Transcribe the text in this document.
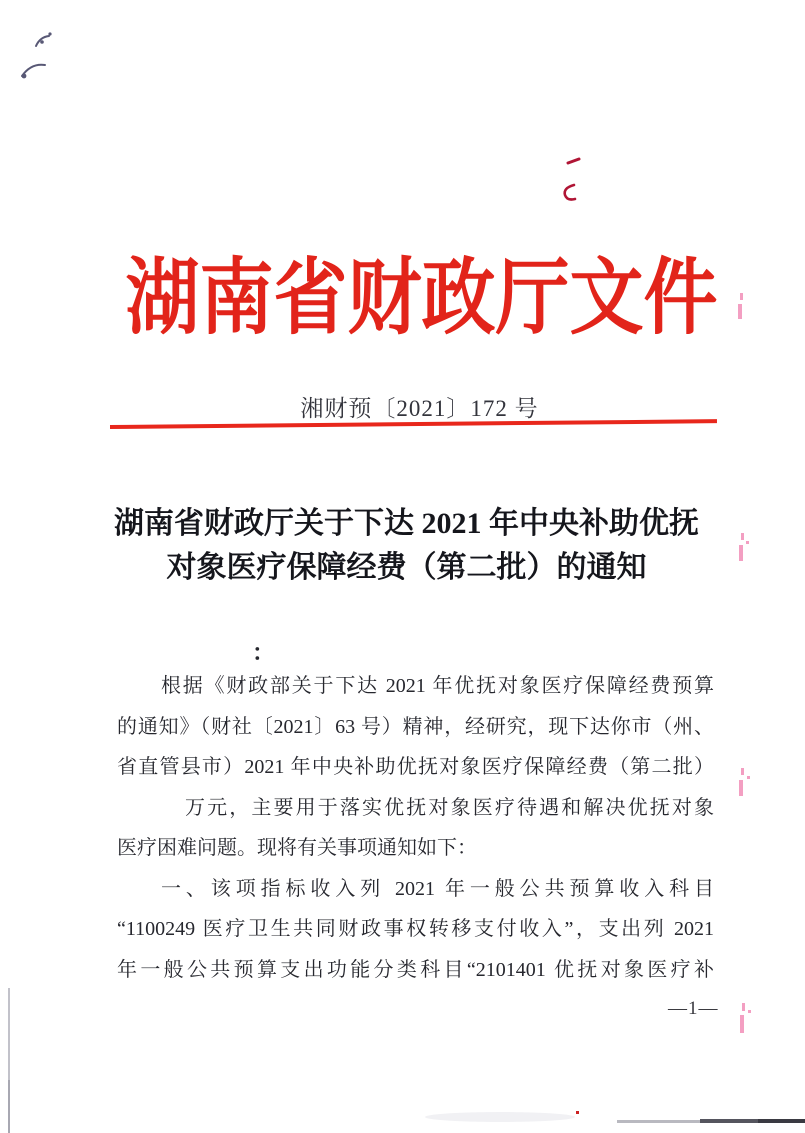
湖南省财政厅文件
湘财预〔2021〕172 号
湖南省财政厅关于下达 2021 年中央补助优抚
对象医疗保障经费（第二批）的通知
：
根据《财政部关于下达 2021 年优抚对象医疗保障经费预算
的通知》（财社〔2021〕63 号）精神，经研究，现下达你市（州、
省直管县市）2021 年中央补助优抚对象医疗保障经费（第二批）
万元，主要用于落实优抚对象医疗待遇和解决优抚对象
医疗困难问题。现将有关事项通知如下：
一、该项指标收入列 2021 年一般公共预算收入科目
“1100249 医疗卫生共同财政事权转移支付收入”，支出列 2021
年一般公共预算支出功能分类科目“2101401 优抚对象医疗补
—1—
